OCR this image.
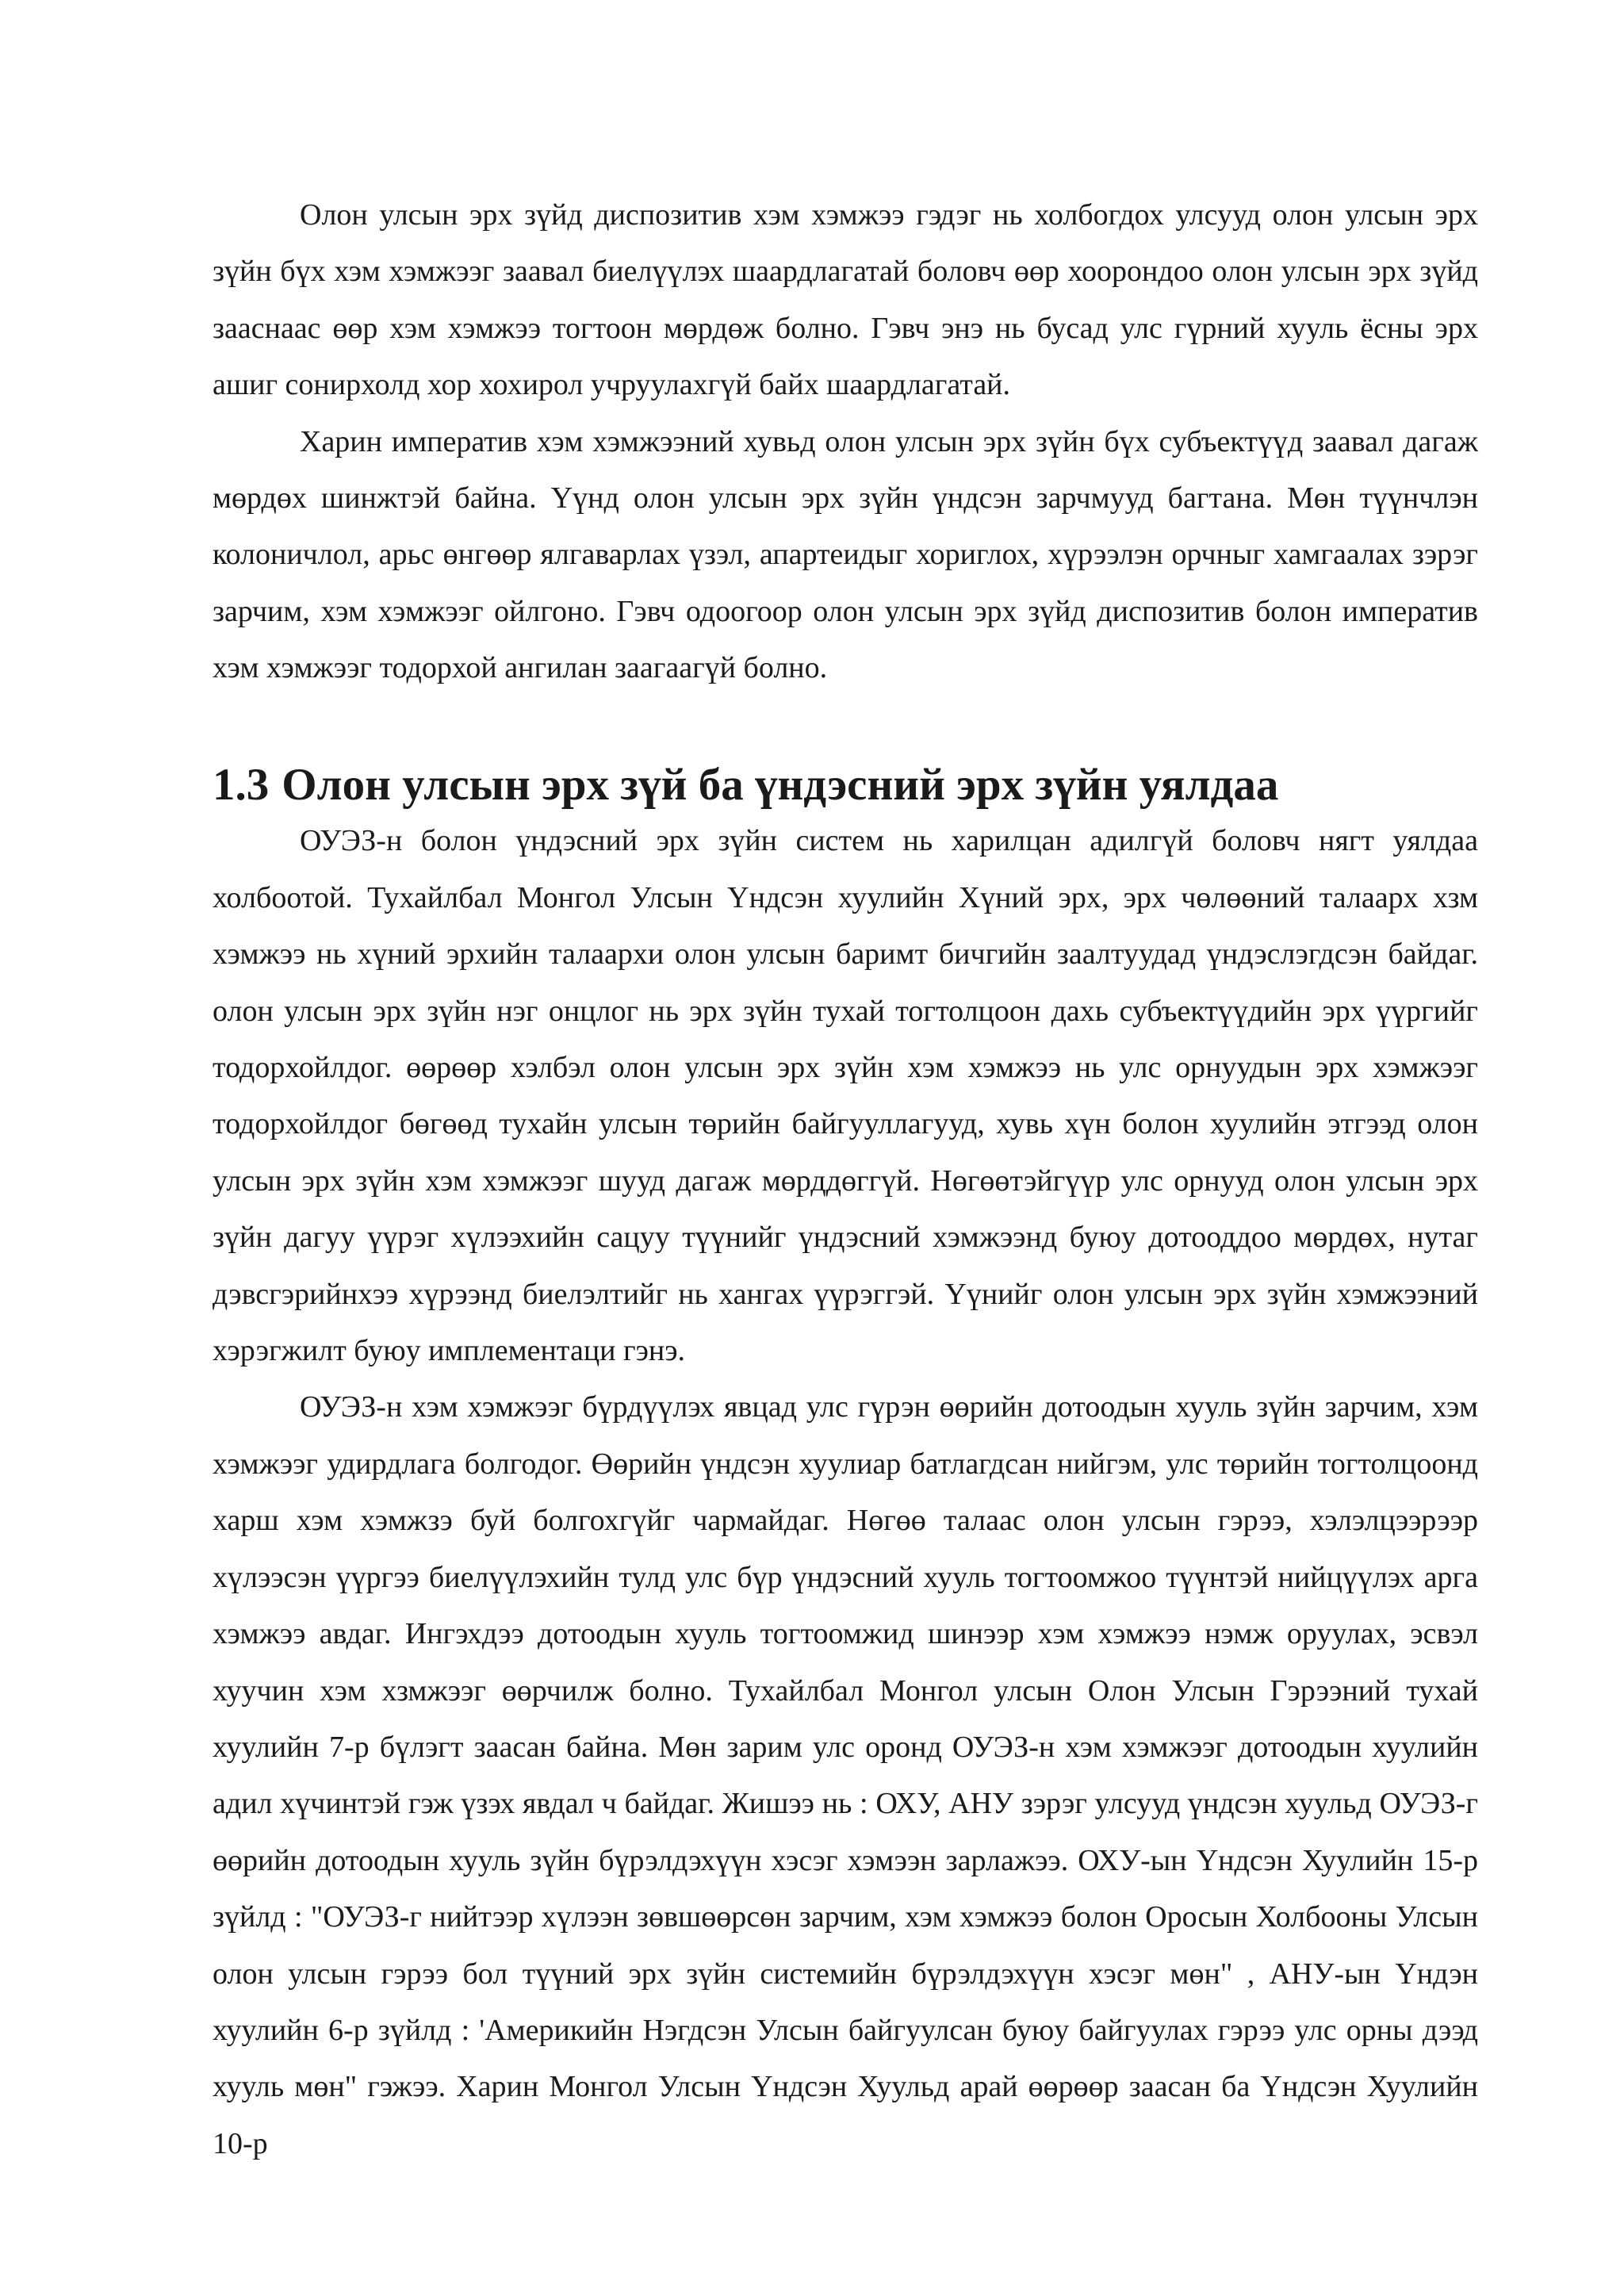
Олон улсын эрх зүйд диспозитив хэм хэмжээ гэдэг нь холбогдох улсууд олон улсын эрх зүйн бүх хэм хэмжээг заавал биелүүлэх шаардлагатай боловч өөр хоорондоо олон улсын эрх зүйд зааснаас өөр хэм хэмжээ тогтоон мөрдөж болно. Гэвч энэ нь бусад улс гүрний хууль ёсны эрх ашиг сонирхолд хор хохирол учруулахгүй байх шаардлагатай.

Харин императив хэм хэмжээний хувьд олон улсын эрх зүйн бүх субъектүүд заавал дагаж мөрдөх шинжтэй байна. Үүнд олон улсын эрх зүйн үндсэн зарчмууд багтана. Мөн түүнчлэн колоничлол, арьс өнгөөр ялгаварлах үзэл, апартеидыг хориглох, хүрээлэн орчныг хамгаалах зэрэг зарчим, хэм хэмжээг ойлгоно. Гэвч одоогоор олон улсын эрх зүйд диспозитив болон императив хэм хэмжээг тодорхой ангилан заагаагүй болно.

1.3 Олон улсын эрх зүй ба үндэсний эрх зүйн уялдаа

ОУЭЗ-н болон үндэсний эрх зүйн систем нь харилцан адилгүй боловч нягт уялдаа холбоотой. Тухайлбал Монгол Улсын Үндсэн хуулийн Хүний эрх, эрх чөлөөний талаарх хзм хэмжээ нь хүний эрхийн талаархи олон улсын баримт бичгийн заалтуудад үндэслэгдсэн байдаг. олон улсын эрх зүйн нэг онцлог нь эрх зүйн тухай тогтолцоон дахь субъектүүдийн эрх үүргийг тодорхойлдог. өөрөөр хэлбэл олон улсын эрх зүйн хэм хэмжээ нь улс орнуудын эрх хэмжээг тодорхойлдог бөгөөд тухайн улсын төрийн байгууллагууд, хувь хүн болон хуулийн этгээд олон улсын эрх зүйн хэм хэмжээг шууд дагаж мөрддөггүй. Нөгөөтэйгүүр улс орнууд олон улсын эрх зүйн дагуу үүрэг хүлээхийн сацуу түүнийг үндэсний хэмжээнд буюу дотооддоо мөрдөх, нутаг дэвсгэрийнхээ хүрээнд биелэлтийг нь хангах үүрэггэй. Үүнийг олон улсын эрх зүйн хэмжээний хэрэгжилт буюу имплементаци гэнэ.

ОУЭЗ-н хэм хэмжээг бүрдүүлэх явцад улс гүрэн өөрийн дотоодын хууль зүйн зарчим, хэм хэмжээг удирдлага болгодог. Өөрийн үндсэн хуулиар батлагдсан нийгэм, улс төрийн тогтолцоонд харш хэм хэмжзэ буй болгохгүйг чармайдаг. Нөгөө талаас олон улсын гэрээ, хэлэлцээрээр хүлээсэн үүргээ биелүүлэхийн тулд улс бүр үндэсний хууль тогтоомжоо түүнтэй нийцүүлэх арга хэмжээ авдаг. Ингэхдээ дотоодын хууль тогтоомжид шинээр хэм хэмжээ нэмж оруулах, эсвэл хуучин хэм хзмжээг өөрчилж болно. Тухайлбал Монгол улсын Олон Улсын Гэрээний тухай хуулийн 7-р бүлэгт заасан байна. Мөн зарим улс оронд ОУЭЗ-н хэм хэмжээг дотоодын хуулийн адил хүчинтэй гэж үзэх явдал ч байдаг. Жишээ нь : ОХУ, АНУ зэрэг улсууд үндсэн хуульд ОУЭЗ-г өөрийн дотоодын хууль зүйн бүрэлдэхүүн хэсэг хэмээн зарлажээ. ОХУ-ын Үндсэн Хуулийн 15-р зүйлд : "ОУЭЗ-г нийтээр хүлээн зөвшөөрсөн зарчим, хэм хэмжээ болон Оросын Холбооны Улсын олон улсын гэрээ бол түүний эрх зүйн системийн бүрэлдэхүүн хэсэг мөн" , АНУ-ын Үндэн хуулийн 6-р зүйлд : 'Америкийн Нэгдсэн Улсын байгуулсан буюу байгуулах гэрээ улс орны дээд хууль мөн" гэжээ. Харин Монгол Улсын Үндсэн Хуульд арай өөрөөр заасан ба Үндсэн Хуулийн 10-р
